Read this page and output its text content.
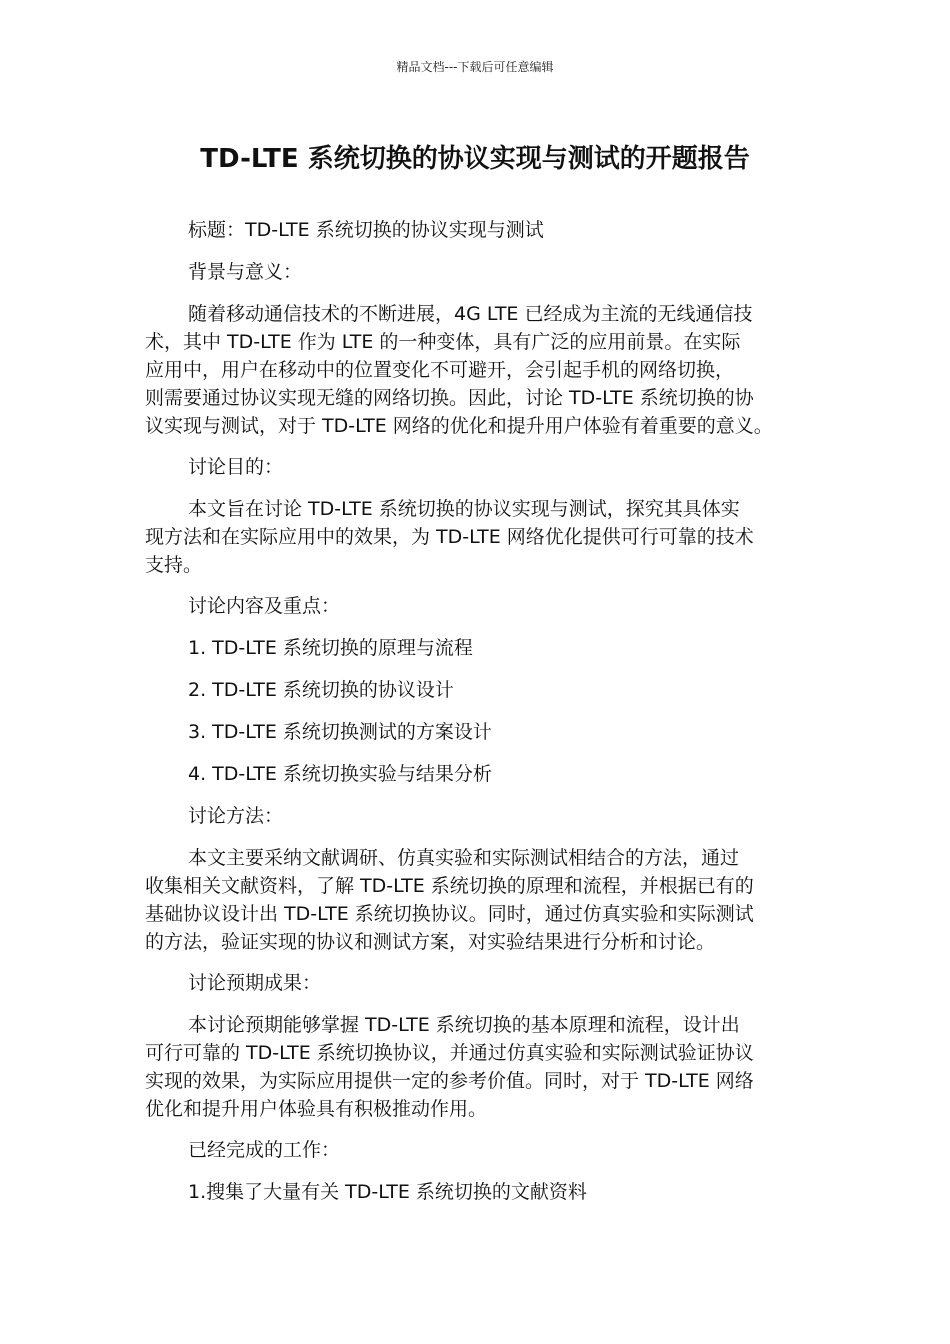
精品文档---下载后可任意编辑
TD-LTE 系统切换的协议实现与测试的开题报告

标题：TD-LTE 系统切换的协议实现与测试

背景与意义：

随着移动通信技术的不断进展，4G LTE 已经成为主流的无线通信技
术，其中 TD-LTE 作为 LTE 的一种变体，具有广泛的应用前景。在实际
应用中，用户在移动中的位置变化不可避开，会引起手机的网络切换，
则需要通过协议实现无缝的网络切换。因此，讨论 TD-LTE 系统切换的协
议实现与测试，对于 TD-LTE 网络的优化和提升用户体验有着重要的意义。

讨论目的：

本文旨在讨论 TD-LTE 系统切换的协议实现与测试，探究其具体实
现方法和在实际应用中的效果，为 TD-LTE 网络优化提供可行可靠的技术
支持。

讨论内容及重点：

1. TD-LTE 系统切换的原理与流程

2. TD-LTE 系统切换的协议设计

3. TD-LTE 系统切换测试的方案设计

4. TD-LTE 系统切换实验与结果分析

讨论方法：

本文主要采纳文献调研、仿真实验和实际测试相结合的方法，通过
收集相关文献资料，了解 TD-LTE 系统切换的原理和流程，并根据已有的
基础协议设计出 TD-LTE 系统切换协议。同时，通过仿真实验和实际测试
的方法，验证实现的协议和测试方案，对实验结果进行分析和讨论。

讨论预期成果：

本讨论预期能够掌握 TD-LTE 系统切换的基本原理和流程，设计出
可行可靠的 TD-LTE 系统切换协议，并通过仿真实验和实际测试验证协议
实现的效果，为实际应用提供一定的参考价值。同时，对于 TD-LTE 网络
优化和提升用户体验具有积极推动作用。

已经完成的工作：

1.搜集了大量有关 TD-LTE 系统切换的文献资料
